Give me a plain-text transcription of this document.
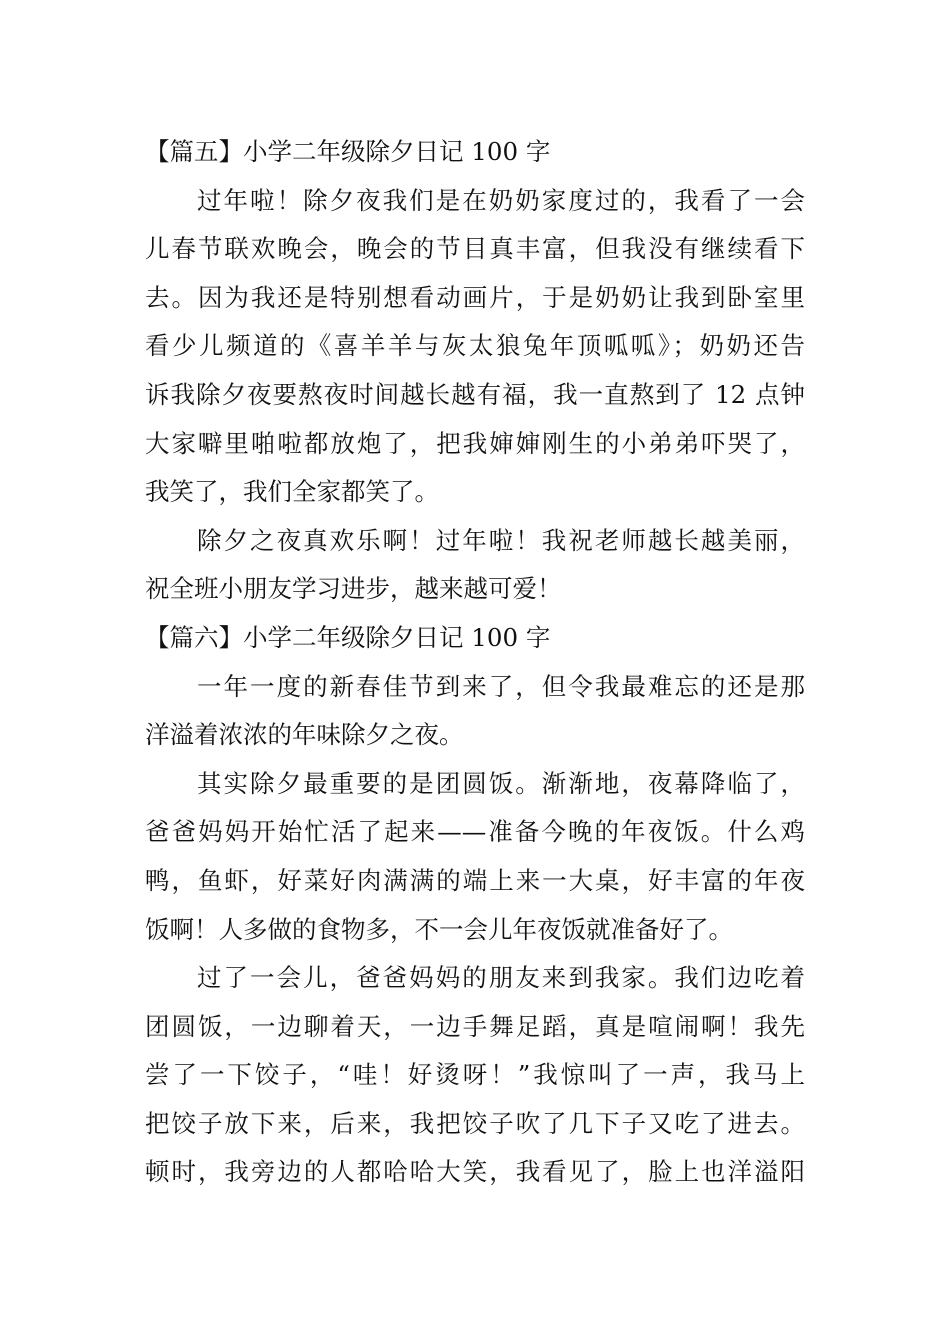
【篇五】小学二年级除夕日记 100 字
过年啦！除夕夜我们是在奶奶家度过的，我看了一会
儿春节联欢晚会，晚会的节目真丰富，但我没有继续看下
去。因为我还是特别想看动画片，于是奶奶让我到卧室里
看少儿频道的《喜羊羊与灰太狼兔年顶呱呱》；奶奶还告
诉我除夕夜要熬夜时间越长越有福，我一直熬到了 12 点钟
大家噼里啪啦都放炮了，把我婶婶刚生的小弟弟吓哭了，
我笑了，我们全家都笑了。
除夕之夜真欢乐啊！过年啦！我祝老师越长越美丽，
祝全班小朋友学习进步，越来越可爱！
【篇六】小学二年级除夕日记 100 字
一年一度的新春佳节到来了，但令我最难忘的还是那
洋溢着浓浓的年味除夕之夜。
其实除夕最重要的是团圆饭。渐渐地，夜幕降临了，
爸爸妈妈开始忙活了起来——准备今晚的年夜饭。什么鸡
鸭，鱼虾，好菜好肉满满的端上来一大桌，好丰富的年夜
饭啊！人多做的食物多，不一会儿年夜饭就准备好了。
过了一会儿，爸爸妈妈的朋友来到我家。我们边吃着
团圆饭，一边聊着天，一边手舞足蹈，真是喧闹啊！我先
尝了一下饺子，“哇！好烫呀！”我惊叫了一声，我马上
把饺子放下来，后来，我把饺子吹了几下子又吃了进去。
顿时，我旁边的人都哈哈大笑，我看见了，脸上也洋溢阳
